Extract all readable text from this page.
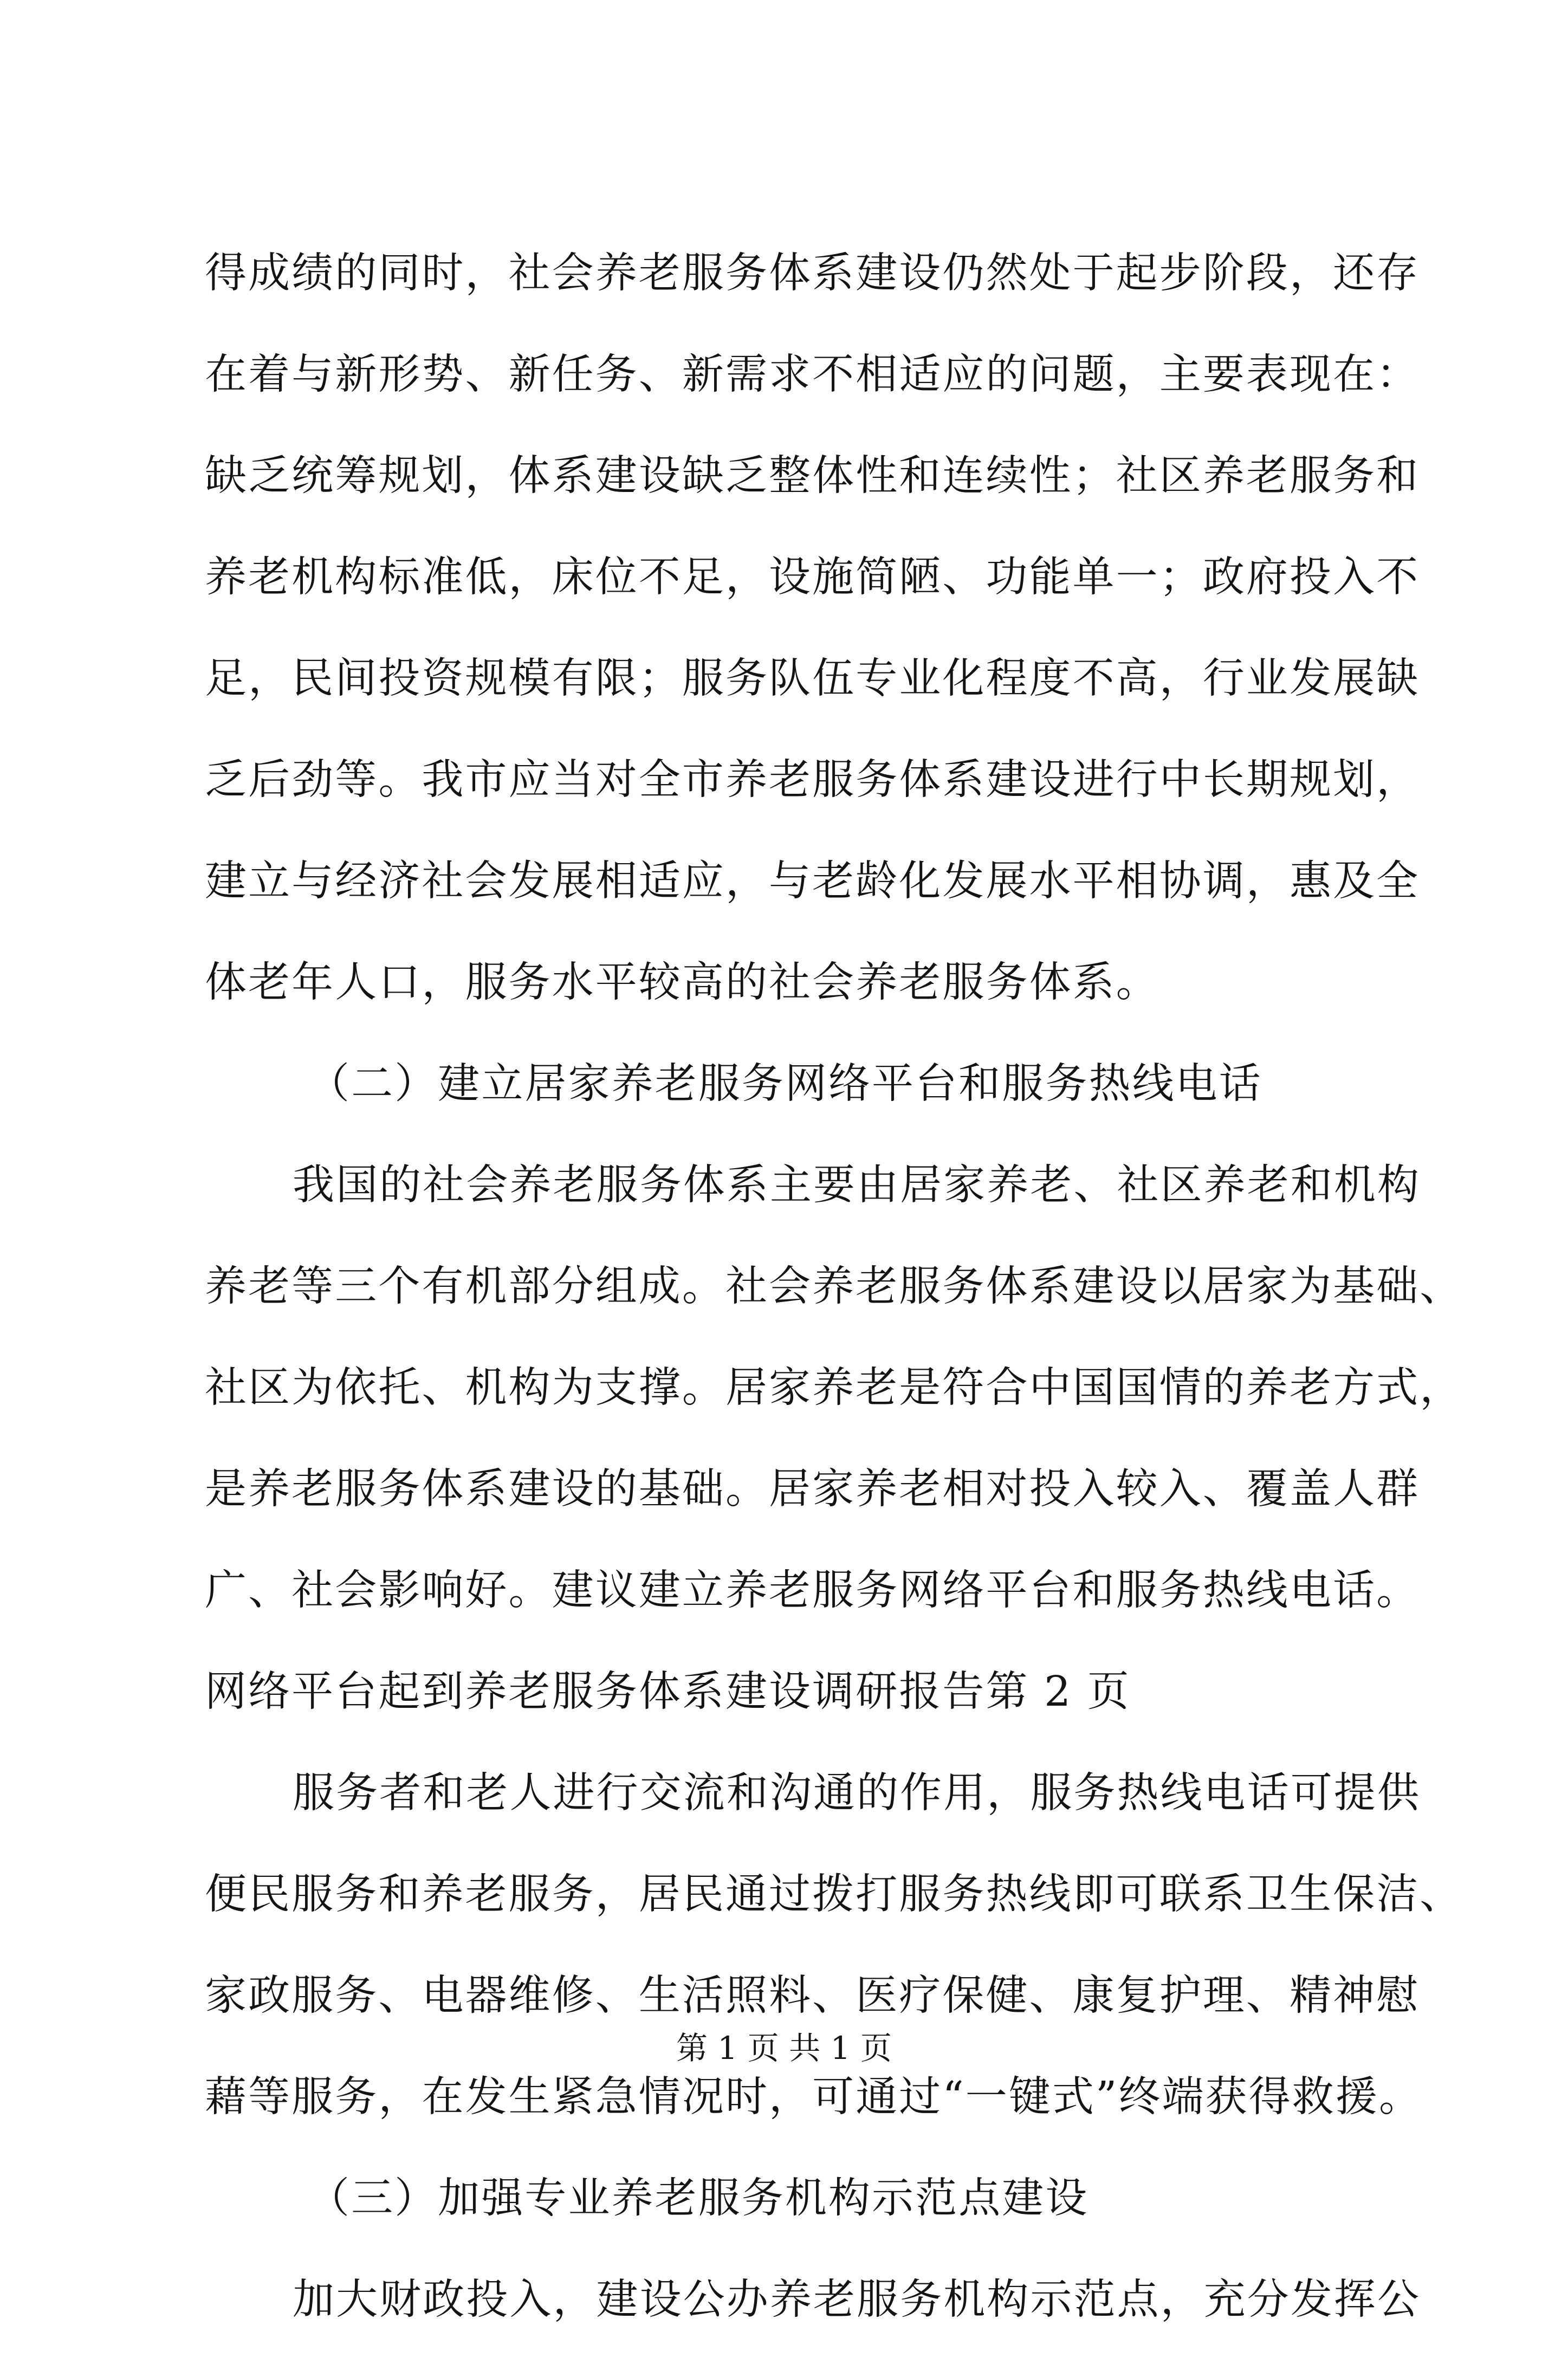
得成绩的同时，社会养老服务体系建设仍然处于起步阶段，还存
在着与新形势、新任务、新需求不相适应的问题，主要表现在：
缺乏统筹规划，体系建设缺乏整体性和连续性；社区养老服务和
养老机构标准低，床位不足，设施简陋、功能单一；政府投入不
足，民间投资规模有限；服务队伍专业化程度不高，行业发展缺
乏后劲等。我市应当对全市养老服务体系建设进行中长期规划，
建立与经济社会发展相适应，与老龄化发展水平相协调，惠及全
体老年人口，服务水平较高的社会养老服务体系。
（二）建立居家养老服务网络平台和服务热线电话
我国的社会养老服务体系主要由居家养老、社区养老和机构
养老等三个有机部分组成。社会养老服务体系建设以居家为基础、
社区为依托、机构为支撑。居家养老是符合中国国情的养老方式，
是养老服务体系建设的基础。居家养老相对投入较入、覆盖人群
广、社会影响好。建议建立养老服务网络平台和服务热线电话。
网络平台起到养老服务体系建设调研报告第 2 页
服务者和老人进行交流和沟通的作用，服务热线电话可提供
便民服务和养老服务，居民通过拨打服务热线即可联系卫生保洁、
家政服务、电器维修、生活照料、医疗保健、康复护理、精神慰
藉等服务，在发生紧急情况时，可通过“一键式”终端获得救援。
（三）加强专业养老服务机构示范点建设
加大财政投入，建设公办养老服务机构示范点，充分发挥公
第 1 页 共 1 页
